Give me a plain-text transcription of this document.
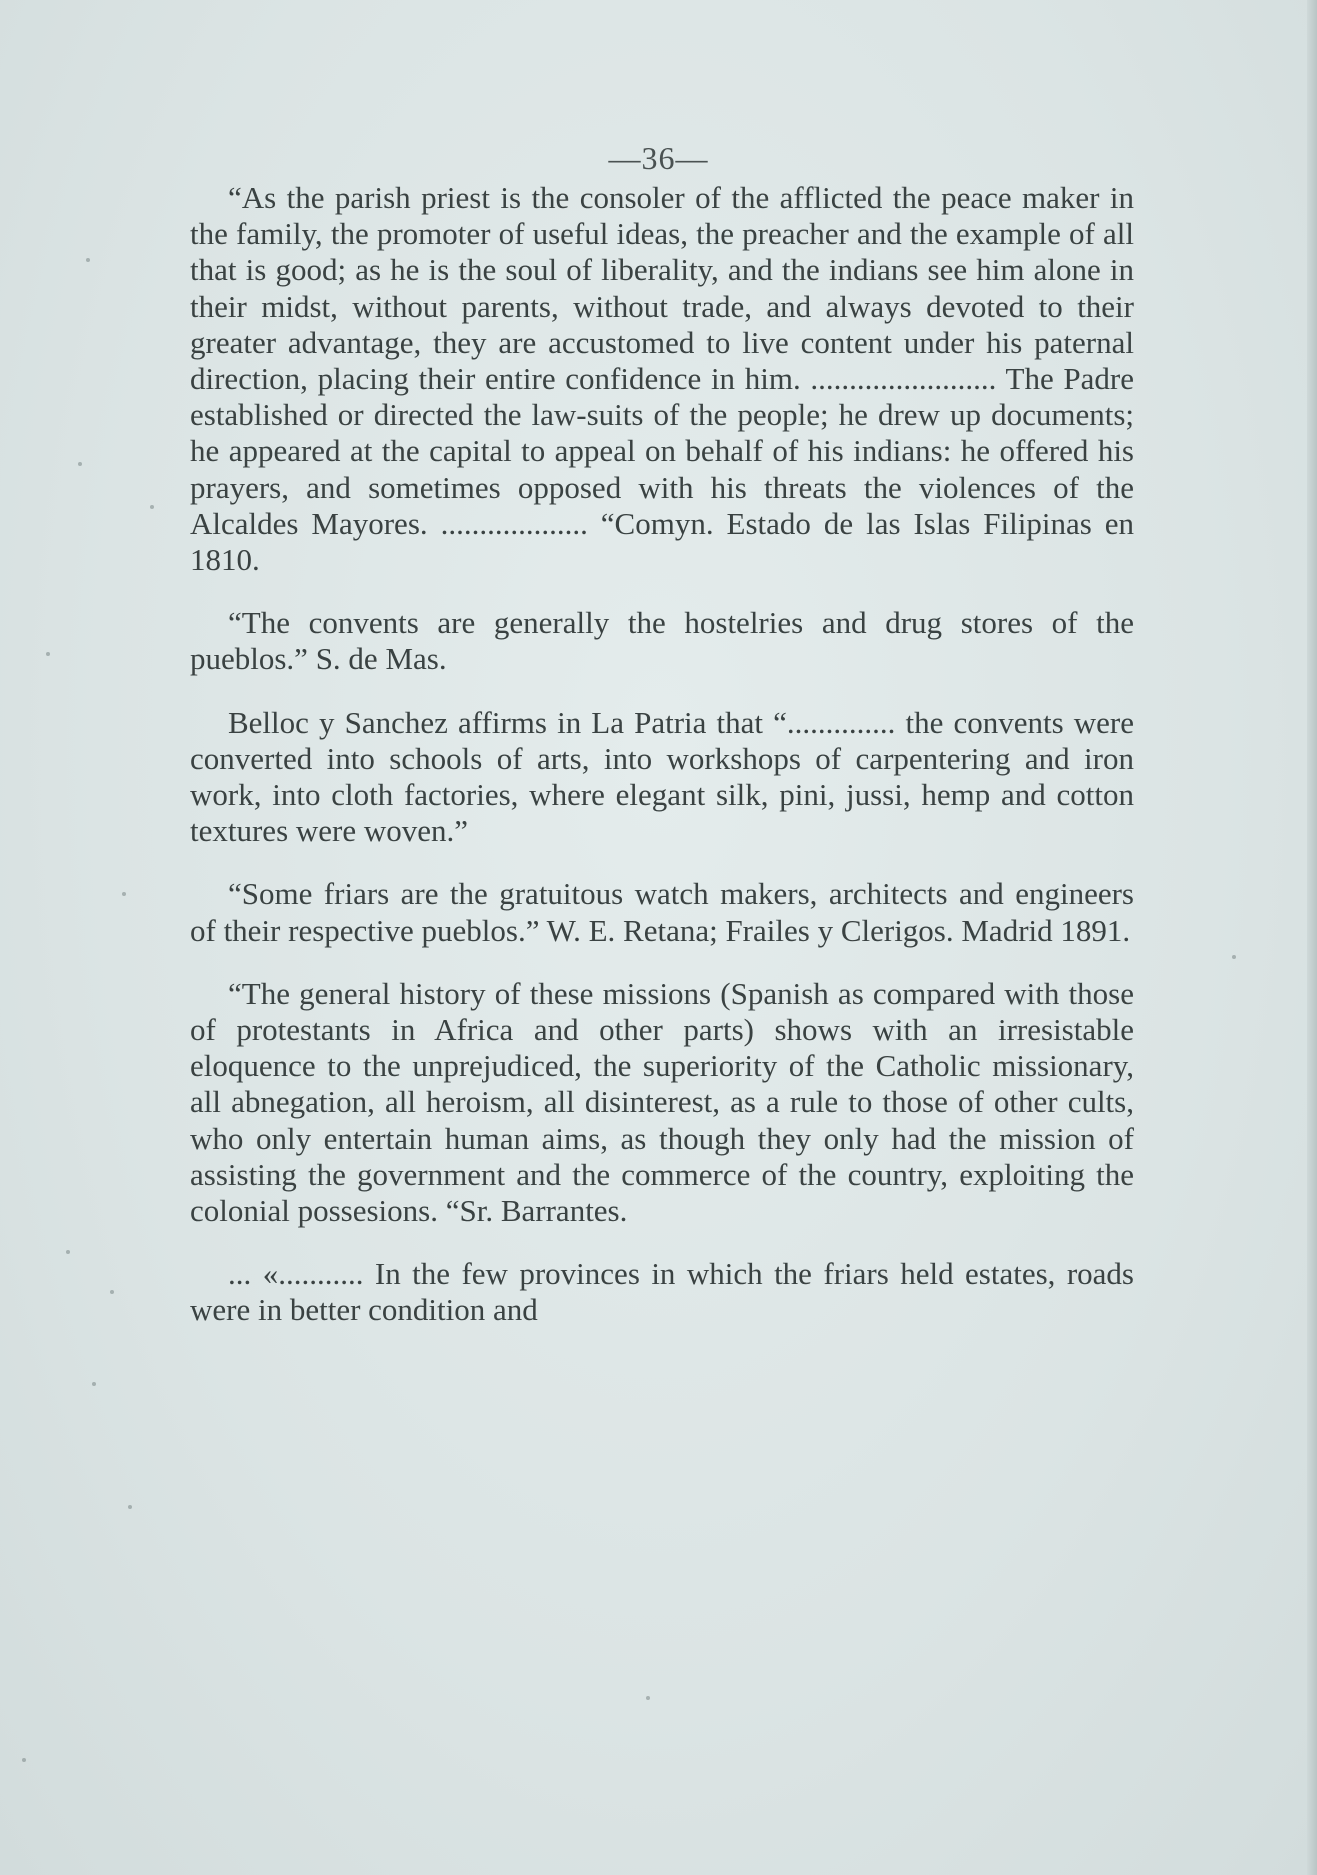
—36—

“As the parish priest is the consoler of the afflicted the peace maker in the family, the promoter of useful ideas, the preacher and the example of all that is good; as he is the soul of liberality, and the indians see him alone in their midst, without parents, without trade, and always devoted to their greater advantage, they are accustomed to live content under his paternal direction, placing their entire confidence in him. ........................ The Padre established or directed the law-suits of the people; he drew up documents; he appeared at the capital to appeal on behalf of his indians: he offered his prayers, and sometimes opposed with his threats the violences of the Alcaldes Mayores. ................... “Comyn. Estado de las Islas Filipinas en 1810.

“The convents are generally the hostelries and drug stores of the pueblos.” S. de Mas.

Belloc y Sanchez affirms in La Patria that “.............. the convents were converted into schools of arts, into workshops of carpentering and iron work, into cloth factories, where elegant silk, pini, jussi, hemp and cotton textures were woven.”

“Some friars are the gratuitous watch makers, architects and engineers of their respective pueblos.” W. E. Retana; Frailes y Clerigos. Madrid 1891.

“The general history of these missions (Spanish as compared with those of protestants in Africa and other parts) shows with an irresistable eloquence to the unprejudiced, the superiority of the Catholic missionary, all abnegation, all heroism, all disinterest, as a rule to those of other cults, who only entertain human aims, as though they only had the mission of assisting the government and the commerce of the country, exploiting the colonial possesions. “Sr. Barrantes.

... «........... In the few provinces in which the friars held estates, roads were in better condition and
